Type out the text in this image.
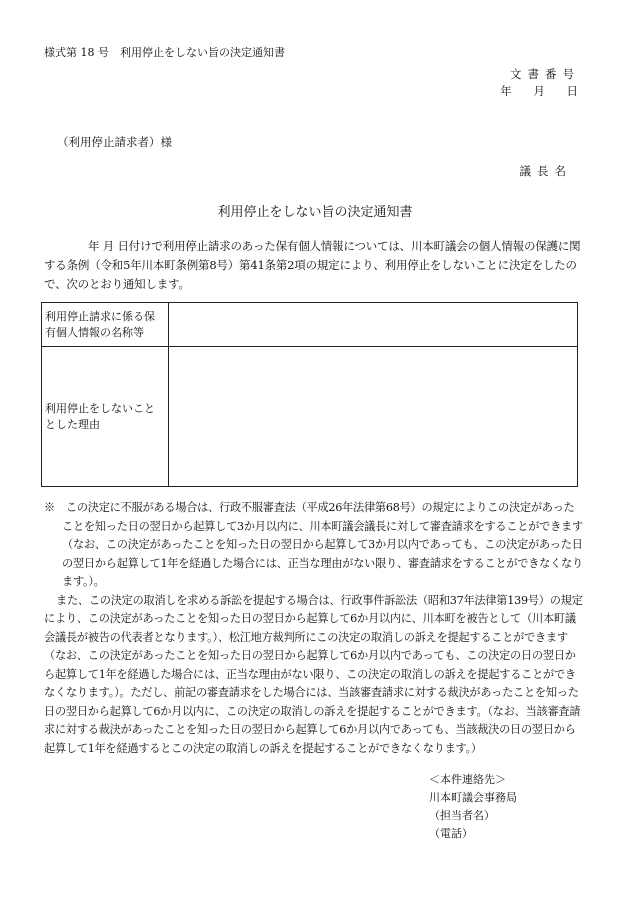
様式第 18 号　利用停止をしない旨の決定通知書
文書番号
年 月 日
（利用停止請求者）様
議長名
利用停止をしない旨の決定通知書
年 月 日付けで利用停止請求のあった保有個人情報については、川本町議会の個人情報の保護に関する条例（令和5年川本町条例第8号）第41条第2項の規定により、利用停止をしないことに決定をしたので、次のとおり通知します。
利用停止請求に係る保有個人情報の名称等	
利用停止をしないこととした理由	

※　この決定に不服がある場合は、行政不服審査法（平成26年法律第68号）の規定によりこの決定があったことを知った日の翌日から起算して3か月以内に、川本町議会議長に対して審査請求をすることができます（なお、この決定があったことを知った日の翌日から起算して3か月以内であっても、この決定があった日の翌日から起算して1年を経過した場合には、正当な理由がない限り、審査請求をすることができなくなります。）。

また、この決定の取消しを求める訴訟を提起する場合は、行政事件訴訟法（昭和37年法律第139号）の規定により、この決定があったことを知った日の翌日から起算して6か月以内に、川本町を被告として（川本町議会議長が被告の代表者となります。）、松江地方裁判所にこの決定の取消しの訴えを提起することができます（なお、この決定があったことを知った日の翌日から起算して6か月以内であっても、この決定の日の翌日から起算して1年を経過した場合には、正当な理由がない限り、この決定の取消しの訴えを提起することができなくなります。）。ただし、前記の審査請求をした場合には、当該審査請求に対する裁決があったことを知った日の翌日から起算して6か月以内に、この決定の取消しの訴えを提起することができます。（なお、当該審査請求に対する裁決があったことを知った日の翌日から起算して6か月以内であっても、当該裁決の日の翌日から起算して1年を経過するとこの決定の取消しの訴えを提起することができなくなります。）

＜本件連絡先＞
川本町議会事務局
（担当者名）
（電話）
